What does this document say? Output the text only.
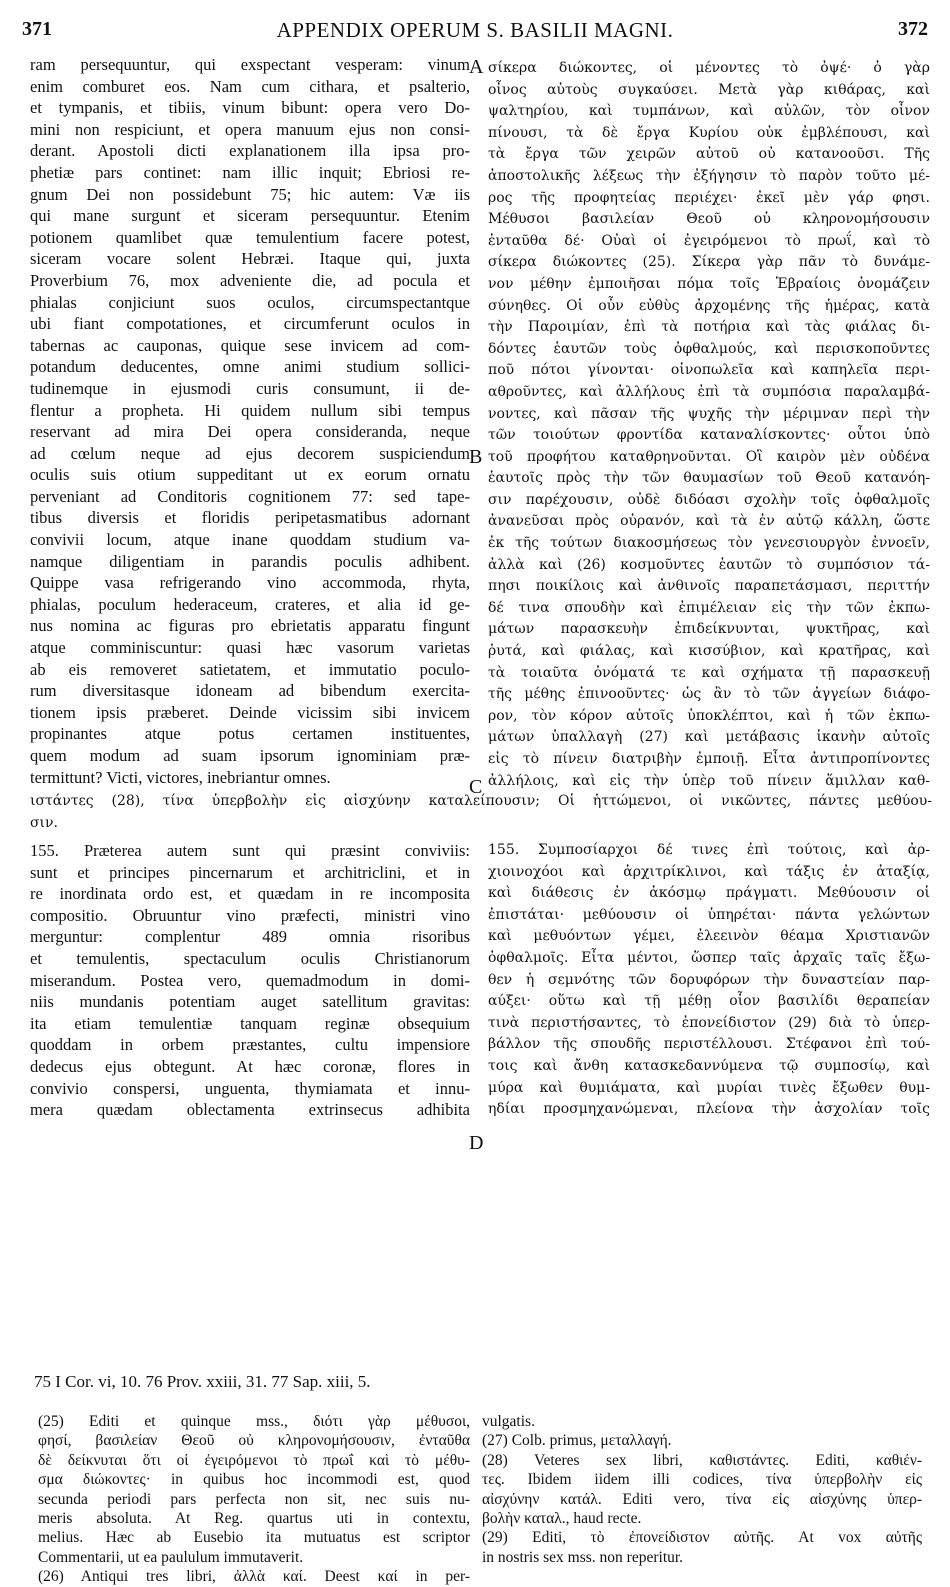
371	APPENDIX OPERUM S. BASILII MAGNI.	372
A
B
C
D
ram persequuntur, qui exspectant vesperam: vinum
enim comburet eos. Nam cum cithara, et psalterio,
et tympanis, et tibiis, vinum bibunt: opera vero Do-
mini non respiciunt, et opera manuum ejus non consi-
derant. Apostoli dicti explanationem illa ipsa pro-
phetiæ pars continet: nam illic inquit; Ebriosi re-
gnum Dei non possidebunt 75; hic autem: Væ iis
qui mane surgunt et siceram persequuntur. Etenim
potionem quamlibet quæ temulentium facere potest,
siceram vocare solent Hebræi. Itaque qui, juxta
Proverbium 76, mox adveniente die, ad pocula et
phialas conjiciunt suos oculos, circumspectantque
ubi fiant compotationes, et circumferunt oculos in
tabernas ac cauponas, quique sese invicem ad com-
potandum deducentes, omne animi studium sollici-
tudinemque in ejusmodi curis consumunt, ii de-
flentur a propheta. Hi quidem nullum sibi tempus
reservant ad mira Dei opera consideranda, neque
ad cœlum neque ad ejus decorem suspiciendum
oculis suis otium suppeditant ut ex eorum ornatu
perveniant ad Conditoris cognitionem 77: sed tape-
tibus diversis et floridis peripetasmatibus adornant
convivii locum, atque inane quoddam studium va-
namque diligentiam in parandis poculis adhibent.
Quippe vasa refrigerando vino accommoda, rhyta,
phialas, poculum hederaceum, crateres, et alia id ge-
nus nomina ac figuras pro ebrietatis apparatu fingunt
atque comminiscuntur: quasi hæc vasorum varietas
ab eis removeret satietatem, et immutatio poculo-
rum diversitasque idoneam ad bibendum exercita-
tionem ipsis præberet. Deinde vicissim sibi invicem
propinantes atque potus certamen instituentes,
quem modum ad suam ipsorum ignominiam præ-
termittunt? Victi, victores, inebriantur omnes.
σίκερα διώκοντες, οἱ μένοντες τὸ ὀψέ· ὁ γὰρ
οἶνος αὐτοὺς συγκαύσει. Μετὰ γὰρ κιθάρας, καὶ
ψαλτηρίου, καὶ τυμπάνων, καὶ αὐλῶν, τὸν οἶνον
πίνουσι, τὰ δὲ ἔργα Κυρίου οὐκ ἐμβλέπουσι, καὶ
τὰ ἔργα τῶν χειρῶν αὐτοῦ οὐ κατανοοῦσι. Τῆς
ἀποστολικῆς λέξεως τὴν ἐξήγησιν τὸ παρὸν τοῦτο μέ-
ρος τῆς προφητείας περιέχει· ἐκεῖ μὲν γάρ φησι.
Μέθυσοι βασιλείαν Θεοῦ οὐ κληρονομήσουσιν
ἐνταῦθα δέ· Οὐαὶ οἱ ἐγειρόμενοι τὸ πρωΐ, καὶ τὸ
σίκερα διώκοντες (25). Σίκερα γὰρ πᾶν τὸ δυνάμε-
νον μέθην ἐμποιῆσαι πόμα τοῖς Ἑβραίοις ὀνομάζειν
σύνηθες. Οἱ οὖν εὐθὺς ἀρχομένης τῆς ἡμέρας, κατὰ
τὴν Παροιμίαν, ἐπὶ τὰ ποτήρια καὶ τὰς φιάλας δι-
δόντες ἑαυτῶν τοὺς ὀφθαλμούς, καὶ περισκοποῦντες
ποῦ πότοι γίνονται· οἰνοπωλεῖα καὶ καπηλεῖα περι-
αθροῦντες, καὶ ἀλλήλους ἐπὶ τὰ συμπόσια παραλαμβά-
νοντες, καὶ πᾶσαν τῆς ψυχῆς τὴν μέριμναν περὶ τὴν
τῶν τοιούτων φροντίδα καταναλίσκοντες· οὗτοι ὑπὸ
τοῦ προφήτου καταθρηνοῦνται. Οἳ καιρὸν μὲν οὐδένα
ἑαυτοῖς πρὸς τὴν τῶν θαυμασίων τοῦ Θεοῦ κατανόη-
σιν παρέχουσιν, οὐδὲ διδόασι σχολὴν τοῖς ὀφθαλμοῖς
ἀνανεῦσαι πρὸς οὐρανόν, καὶ τὰ ἐν αὐτῷ κάλλη, ὥστε
ἐκ τῆς τούτων διακοσμήσεως τὸν γενεσιουργὸν ἐννοεῖν,
ἀλλὰ καὶ (26) κοσμοῦντες ἑαυτῶν τὸ συμπόσιον τά-
πησι ποικίλοις καὶ ἀνθινοῖς παραπετάσμασι, περιττήν
δέ τινα σπουδὴν καὶ ἐπιμέλειαν εἰς τὴν τῶν ἐκπω-
μάτων παρασκευὴν ἐπιδείκνυνται, ψυκτῆρας, καὶ
ῥυτά, καὶ φιάλας, καὶ κισσύβιον, καὶ κρατῆρας, καὶ
τὰ τοιαῦτα ὀνόματά τε καὶ σχήματα τῇ παρασκευῇ
τῆς μέθης ἐπινοοῦντες· ὡς ἂν τὸ τῶν ἀγγείων διάφο-
ρον, τὸν κόρον αὐτοῖς ὑποκλέπτοι, καὶ ἡ τῶν ἐκπω-
μάτων ὑπαλλαγὴ (27) καὶ μετάβασις ἱκανὴν αὐτοῖς
εἰς τὸ πίνειν διατριβὴν ἐμποιῇ. Εἶτα ἀντιπροπίνοντες
ἀλλήλοις, καὶ εἰς τὴν ὑπὲρ τοῦ πίνειν ἅμιλλαν καθ-
ιστάντες (28), τίνα ὑπερβολὴν εἰς αἰσχύνην καταλείπουσιν; Οἱ ἡττώμενοι, οἱ νικῶντες, πάντες μεθύου-
σιν.
155. Præterea autem sunt qui præsint conviviis:
sunt et principes pincernarum et architriclini, et in
re inordinata ordo est, et quædam in re incomposita
compositio. Obruuntur vino præfecti, ministri vino
merguntur: complentur 489 omnia risoribus
et temulentis, spectaculum oculis Christianorum
miserandum. Postea vero, quemadmodum in domi-
niis mundanis potentiam auget satellitum gravitas:
ita etiam temulentiæ tanquam reginæ obsequium
quoddam in orbem præstantes, cultu impensiore
dedecus ejus obtegunt. At hæc coronæ, flores in
convivio conspersi, unguenta, thymiamata et innu-
mera quædam oblectamenta extrinsecus adhibita
155. Συμποσίαρχοι δέ τινες ἐπὶ τούτοις, καὶ ἀρ-
χιοινοχόοι καὶ ἀρχιτρίκλινοι, καὶ τάξις ἐν ἀταξίᾳ,
καὶ διάθεσις ἐν ἀκόσμῳ πράγματι. Μεθύουσιν οἱ
ἐπιστάται· μεθύουσιν οἱ ὑπηρέται· πάντα γελώντων
καὶ μεθυόντων γέμει, ἐλεεινὸν θέαμα Χριστιανῶν
ὀφθαλμοῖς. Εἶτα μέντοι, ὥσπερ ταῖς ἀρχαῖς ταῖς ἔξω-
θεν ἡ σεμνότης τῶν δορυφόρων τὴν δυναστείαν παρ-
αύξει· οὕτω καὶ τῇ μέθῃ οἷον βασιλίδι θεραπείαν
τινὰ περιστήσαντες, τὸ ἐπονείδιστον (29) διὰ τὸ ὑπερ-
βάλλον τῆς σπουδῆς περιστέλλουσι. Στέφανοι ἐπὶ τού-
τοις καὶ ἄνθη κατασκεδαννύμενα τῷ συμποσίῳ, καὶ
μύρα καὶ θυμιάματα, καὶ μυρίαι τινὲς ἔξωθεν θυμ-
ηδίαι προσμηχανώμεναι, πλείονα τὴν ἀσχολίαν τοῖς
75 I Cor. vi, 10. 76 Prov. xxiii, 31. 77 Sap. xiii, 5.
(25) Editi et quinque mss., διότι γὰρ μέθυσοι,
φησί, βασιλείαν Θεοῦ οὐ κληρονομήσουσιν, ἐνταῦθα
δὲ δείκνυται ὅτι οἱ ἐγειρόμενοι τὸ πρωΐ καὶ τὸ μέθυ-
σμα διώκοντες· in quibus hoc incommodi est, quod
secunda periodi pars perfecta non sit, nec suis nu-
meris absoluta. At Reg. quartus uti in contextu,
melius. Hæc ab Eusebio ita mutuatus est scriptor
Commentarii, ut ea paululum immutaverit.
(26) Antiqui tres libri, ἀλλὰ καί. Deest καί in per-
vulgatis.
(27) Colb. primus, μεταλλαγή.
(28) Veteres sex libri, καθιστάντες. Editi, καθιέν-
τες. Ibidem iidem illi codices, τίνα ὑπερβολὴν εἰς
αἰσχύνην κατάλ. Editi vero, τίνα εἰς αἰσχύνης ὑπερ-
βολὴν καταλ., haud recte.
(29) Editi, τὸ ἐπονείδιστον αὐτῆς. At vox αὐτῆς
in nostris sex mss. non reperitur.
